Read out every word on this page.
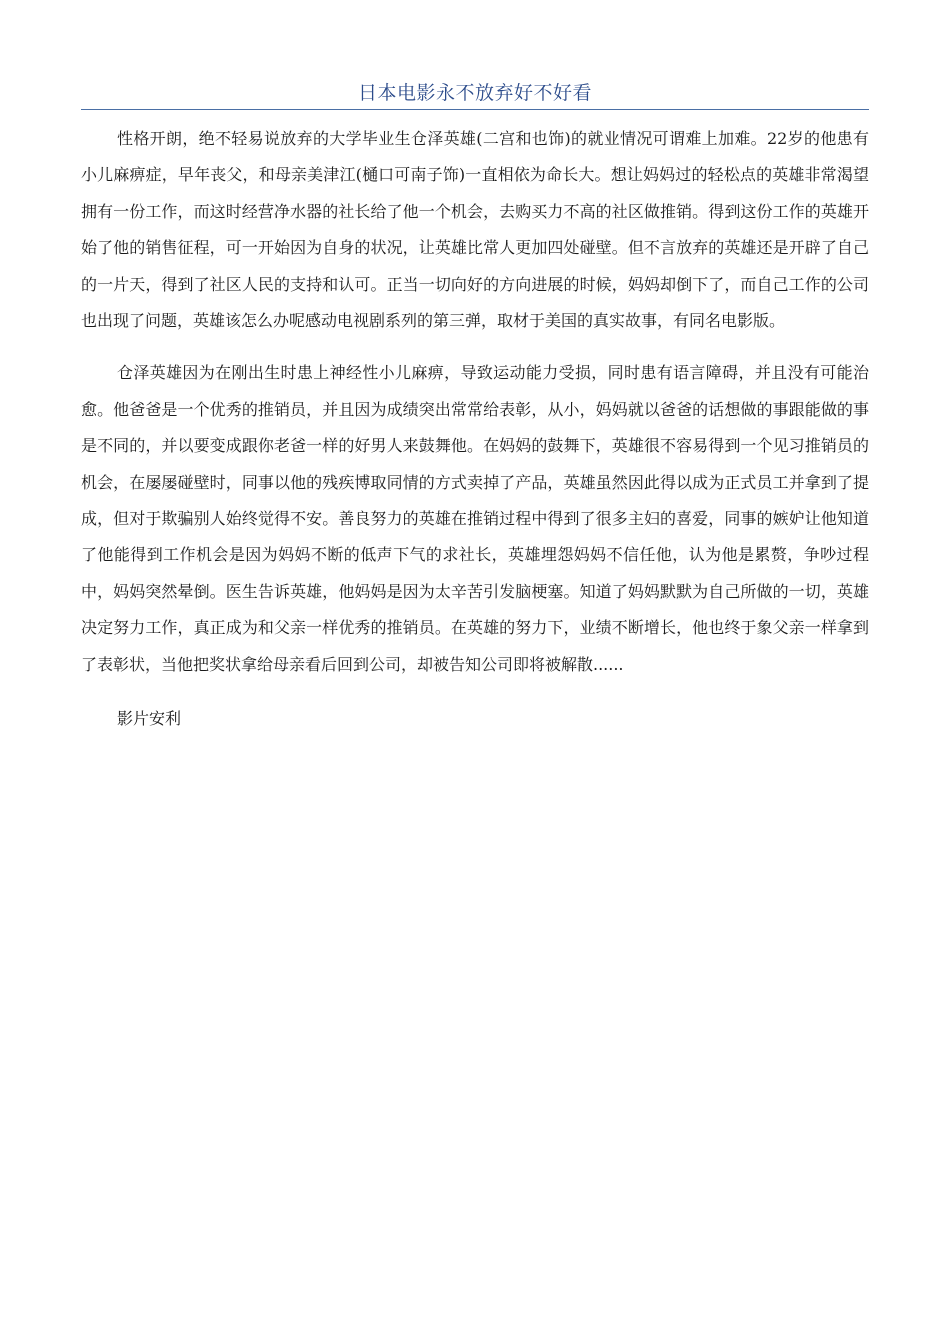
日本电影永不放弃好不好看

性格开朗，绝不轻易说放弃的大学毕业生仓泽英雄(二宫和也饰)的就业情况可谓难上加难。22岁的他患有小儿麻痹症，早年丧父，和母亲美津江(樋口可南子饰)一直相依为命长大。想让妈妈过的轻松点的英雄非常渴望拥有一份工作，而这时经营净水器的社长给了他一个机会，去购买力不高的社区做推销。得到这份工作的英雄开始了他的销售征程，可一开始因为自身的状况，让英雄比常人更加四处碰壁。但不言放弃的英雄还是开辟了自己的一片天，得到了社区人民的支持和认可。正当一切向好的方向进展的时候，妈妈却倒下了，而自己工作的公司也出现了问题，英雄该怎么办呢感动电视剧系列的第三弹，取材于美国的真实故事，有同名电影版。

仓泽英雄因为在刚出生时患上神经性小儿麻痹，导致运动能力受损，同时患有语言障碍，并且没有可能治愈。他爸爸是一个优秀的推销员，并且因为成绩突出常常给表彰，从小，妈妈就以爸爸的话想做的事跟能做的事是不同的，并以要变成跟你老爸一样的好男人来鼓舞他。在妈妈的鼓舞下，英雄很不容易得到一个见习推销员的机会，在屡屡碰壁时，同事以他的残疾博取同情的方式卖掉了产品，英雄虽然因此得以成为正式员工并拿到了提成，但对于欺骗别人始终觉得不安。善良努力的英雄在推销过程中得到了很多主妇的喜爱，同事的嫉妒让他知道了他能得到工作机会是因为妈妈不断的低声下气的求社长，英雄埋怨妈妈不信任他，认为他是累赘，争吵过程中，妈妈突然晕倒。医生告诉英雄，他妈妈是因为太辛苦引发脑梗塞。知道了妈妈默默为自己所做的一切，英雄决定努力工作，真正成为和父亲一样优秀的推销员。在英雄的努力下，业绩不断增长，他也终于象父亲一样拿到了表彰状，当他把奖状拿给母亲看后回到公司，却被告知公司即将被解散......

影片安利
